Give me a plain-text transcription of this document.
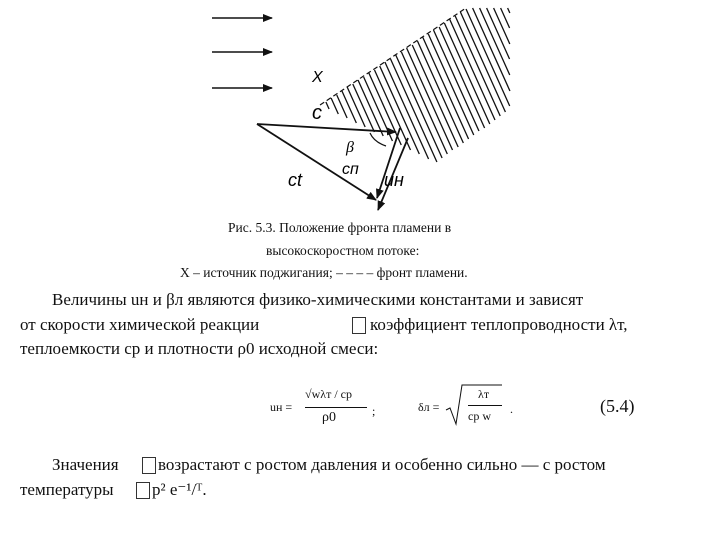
X
c
β
cп
ct	uн
Рис. 5.3. Положение фронта пламени в
высокоскоростном потоке:
Х – источник поджигания; – – – – фронт пламени.
Величины uн и βл являются физико-химическими константами и зависят
от скорости химической реакции	коэффициент теплопроводности λт,
теплоемкости cp и плотности ρ0 исходной смеси:
uн =
√wλт / cp
ρ0	;	δл =
λт
cp w .	(5.4)
Значения возрастают с ростом давления и особенно сильно — с ростом
температуры p² e⁻¹/ᵀ.
